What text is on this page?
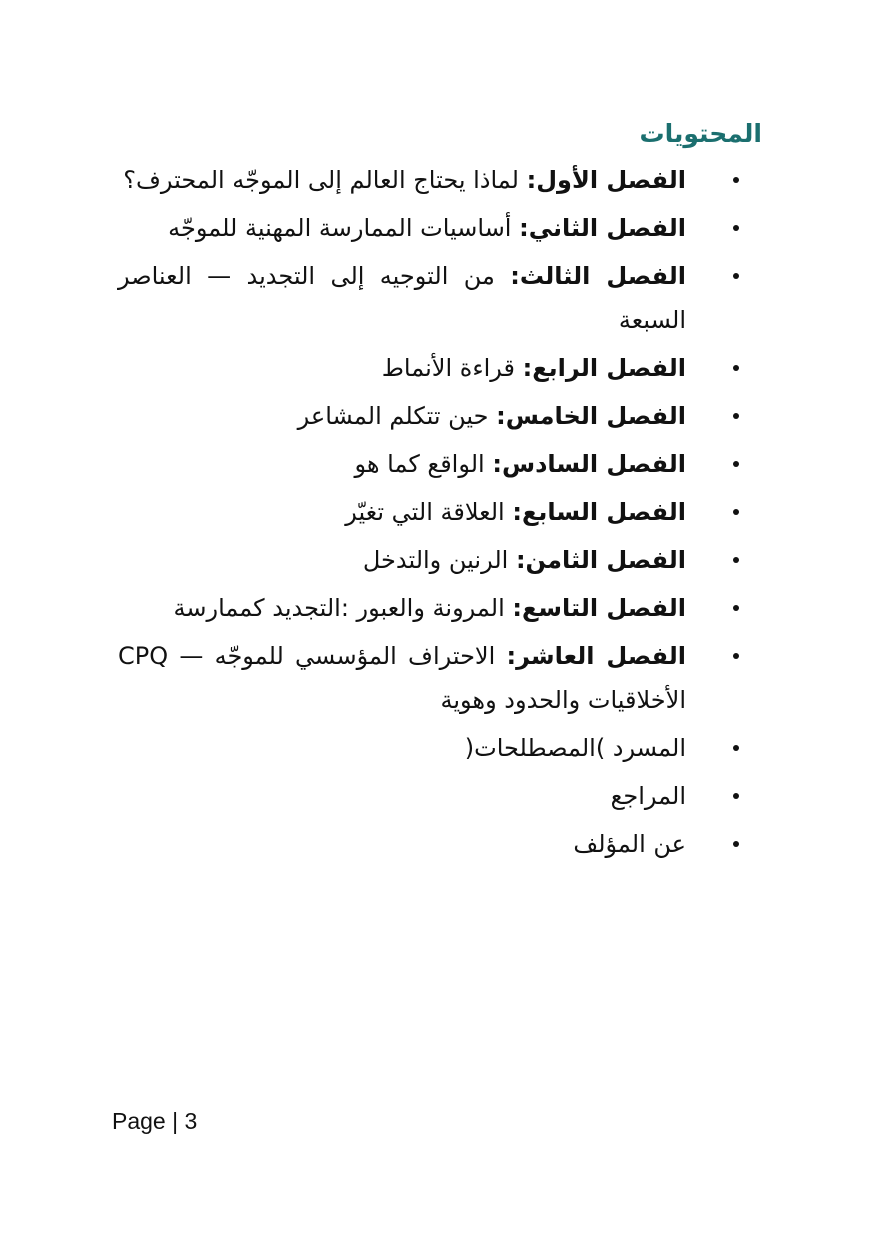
المحتويات
الفصل الأول: لماذا يحتاج العالم إلى الموجّه المحترف؟
الفصل الثاني: أساسيات الممارسة المهنية للموجّه
الفصل الثالث: من التوجيه إلى التجديد — العناصر السبعة
الفصل الرابع: قراءة الأنماط
الفصل الخامس: حين تتكلم المشاعر
الفصل السادس: الواقع كما هو
الفصل السابع: العلاقة التي تغيّر
الفصل الثامن: الرنين والتدخل
الفصل التاسع: المرونة والعبور :التجديد كممارسة
الفصل العاشر: الاحتراف المؤسسي للموجّه — CPQ الأخلاقيات والحدود وهوية
المسرد )المصطلحات(
المراجع
عن المؤلف
Page | 3
